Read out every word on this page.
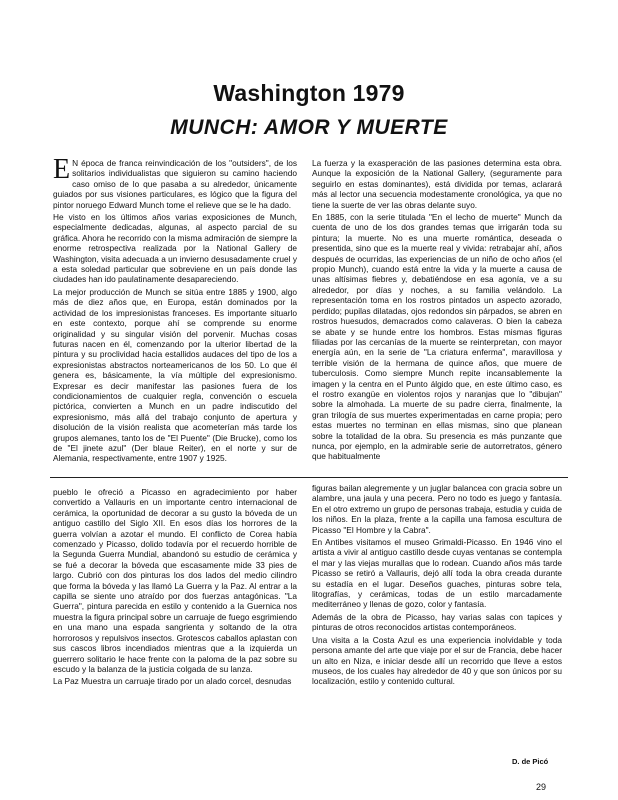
Washington 1979
MUNCH: AMOR Y MUERTE

E N época de franca reinvindicación de los "outsiders", de los solitarios individualistas que siguieron su camino haciendo caso omiso de lo que pasaba a su alrededor, únicamente guiados por sus visiones particulares, es lógico que la figura del pintor noruego Edward Munch tome el relieve que se le ha dado.

He visto en los últimos años varias exposiciones de Munch, especialmente dedicadas, algunas, al aspecto parcial de su gráfica. Ahora he recorrido con la misma admiración de siempre la enorme retrospectiva realizada por la National Gallery de Washington, visita adecuada a un invierno desusadamente cruel y a esta soledad particular que sobreviene en un país donde las ciudades han ido paulatinamente desapareciendo.

La mejor producción de Munch se sitúa entre 1885 y 1900, algo más de diez años que, en Europa, están dominados por la actividad de los impresionistas franceses. Es importante situarlo en este contexto, porque ahí se comprende su enorme originalidad y su singular visión del porvenir. Muchas cosas futuras nacen en él, comenzando por la ulterior libertad de la pintura y su proclividad hacia estallidos audaces del tipo de los a expresionistas abstractos norteamericanos de los 50. Lo que él genera es, básicamente, la vía múltiple del expresionismo. Expresar es decir manifestar las pasiones fuera de los condicionamientos de cualquier regla, convención o escuela pictórica, convierten a Munch en un padre indiscutido del expresionismo, más allá del trabajo conjunto de apertura y disolución de la visión realista que acometerían más tarde los grupos alemanes, tanto los de "El Puente" (Die Brucke), como los de "El jinete azul" (Der blaue Reiter), en el norte y sur de Alemania, respectivamente, entre 1907 y 1925.

La fuerza y la exasperación de las pasiones determina esta obra. Aunque la exposición de la National Gallery, (seguramente para seguirlo en estas dominantes), está dividida por temas, aclarará más al lector una secuencia modestamente cronológica, ya que no tiene la suerte de ver las obras delante suyo.

En 1885, con la serie titulada "En el lecho de muerte" Munch da cuenta de uno de los dos grandes temas que irrigarán toda su pintura; la muerte. No es una muerte romántica, deseada o presentida, sino que es la muerte real y vivida: retrabajar ahí, años después de ocurridas, las experiencias de un niño de ocho años (el propio Munch), cuando está entre la vida y la muerte a causa de unas altísimas fiebres y, debatiéndose en esa agonía, ve a su alrededor, por días y noches, a su familia velándolo. La representación toma en los rostros pintados un aspecto azorado, perdido; pupilas dilatadas, ojos redondos sin párpados, se abren en rostros huesudos, demacrados como calaveras. O bien la cabeza se abate y se hunde entre los hombros. Estas mismas figuras filiadas por las cercanías de la muerte se reinterpretan, con mayor energía aún, en la serie de "La criatura enferma", maravillosa y terrible visión de la hermana de quince años, que muere de tuberculosis. Como siempre Munch repite incansablemente la imagen y la centra en el Punto álgido que, en este último caso, es el rostro exangüe en violentos rojos y naranjas que lo "dibujan" sobre la almohada. La muerte de su padre cierra, finalmente, la gran trilogía de sus muertes experimentadas en carne propia; pero estas muertes no terminan en ellas mismas, sino que planean sobre la totalidad de la obra. Su presencia es más punzante que nunca, por ejemplo, en la admirable serie de autorretratos, género que habitualmente

pueblo le ofreció a Picasso en agradecimiento por haber convertido a Vallauris en un importante centro internacional de cerámica, la oportunidad de decorar a su gusto la bóveda de un antiguo castillo del Siglo XII. En esos días los horrores de la guerra volvían a azotar el mundo. El conflicto de Corea había comenzado y Picasso, dolido todavía por el recuerdo horrible de la Segunda Guerra Mundial, abandonó su estudio de cerámica y se fué a decorar la bóveda que escasamente mide 33 pies de largo. Cubrió con dos pinturas los dos lados del medio cilindro que forma la bóveda y las llamó La Guerra y la Paz. Al entrar a la capilla se siente uno atraído por dos fuerzas antagónicas. "La Guerra", pintura parecida en estilo y contenido a la Guernica nos muestra la figura principal sobre un carruaje de fuego esgrimiendo en una mano una espada sangrienta y soltando de la otra horrorosos y repulsivos insectos. Grotescos caballos aplastan con sus cascos libros incendiados mientras que a la izquierda un guerrero solitario le hace frente con la paloma de la paz sobre su escudo y la balanza de la justicia colgada de su lanza.

La Paz Muestra un carruaje tirado por un alado corcel, desnudas

figuras bailan alegremente y un juglar balancea con gracia sobre un alambre, una jaula y una pecera. Pero no todo es juego y fantasía. En el otro extremo un grupo de personas trabaja, estudia y cuida de los niños. En la plaza, frente a la capilla una famosa escultura de Picasso "El Hombre y la Cabra".

En Antibes visitamos el museo Grimaldi-Picasso. En 1946 vino el artista a vivir al antiguo castillo desde cuyas ventanas se contempla el mar y las viejas murallas que lo rodean. Cuando años más tarde Picasso se retiró a Vallauris, dejó allí toda la obra creada durante su estadía en el lugar. Deseños guaches, pinturas sobre tela, litografías, y cerámicas, todas de un estilo marcadamente mediterráneo y llenas de gozo, color y fantasía.

Además de la obra de Picasso, hay varias salas con tapices y pinturas de otros reconocidos artistas contemporáneos.

Una visita a la Costa Azul es una experiencia inolvidable y toda persona amante del arte que viaje por el sur de Francia, debe hacer un alto en Niza, e iniciar desde allí un recorrido que lleve a estos museos, de los cuales hay alrededor de 40 y que son únicos por su localización, estilo y contenido cultural.

D. de Picó
29
